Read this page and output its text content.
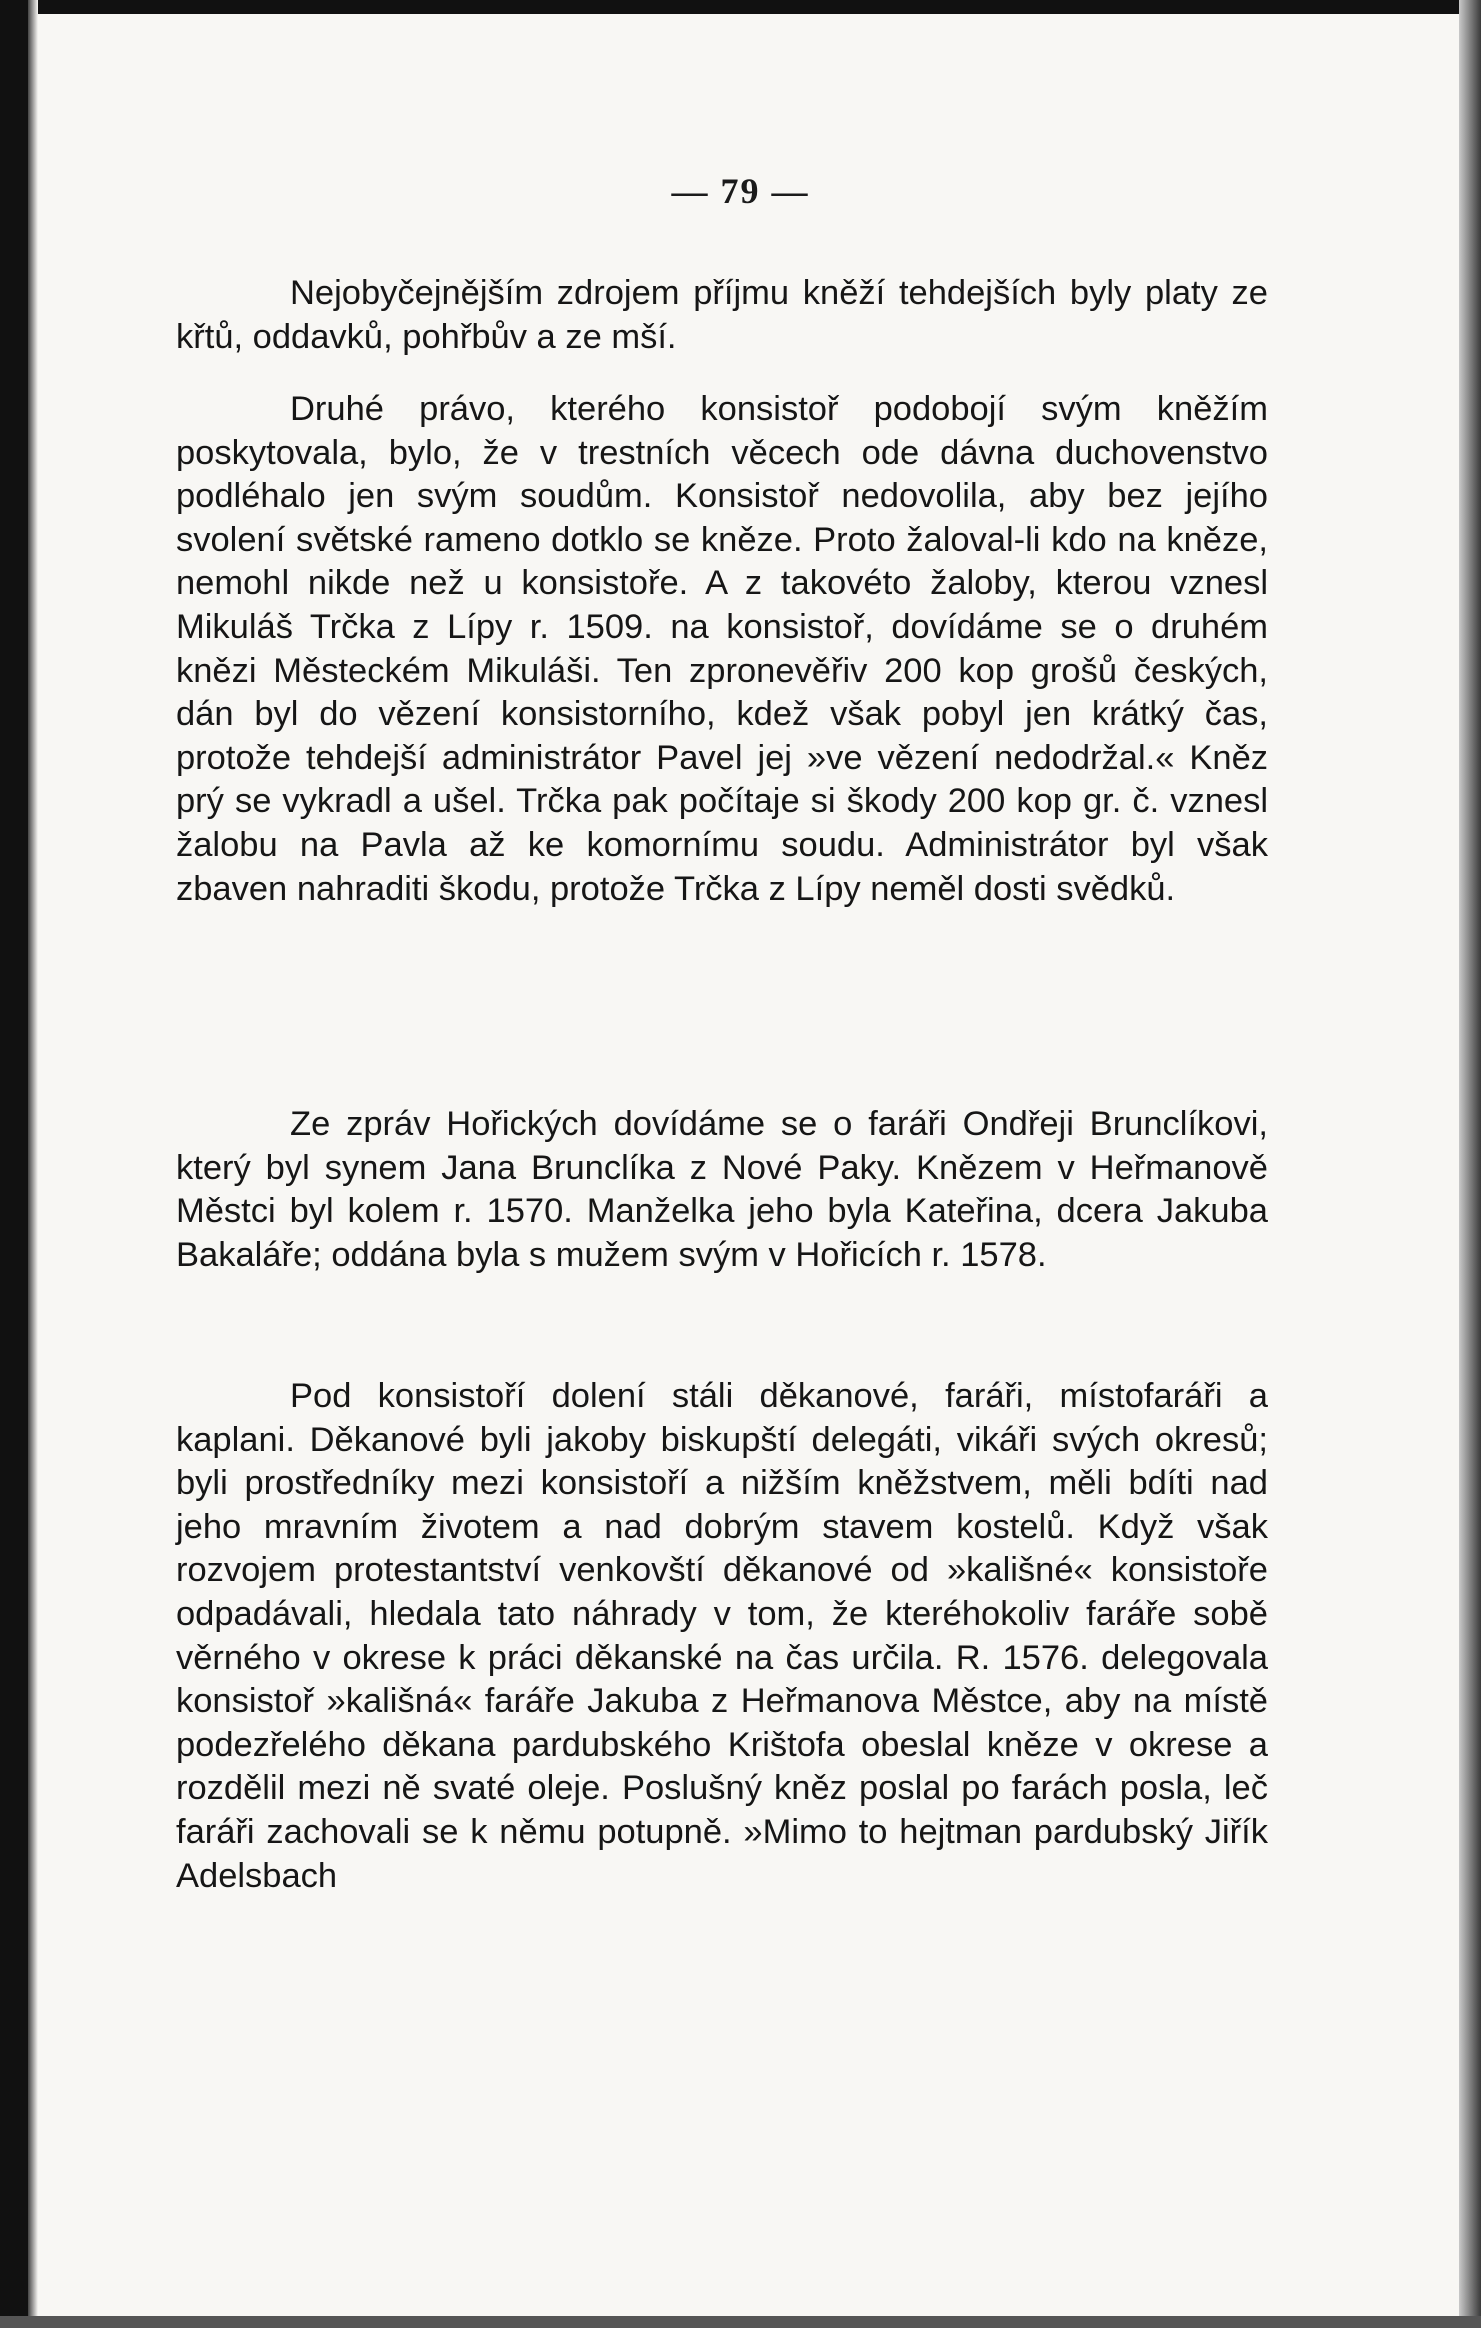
— 79 —

Nejobyčejnějším zdrojem příjmu kněží tehdejších byly platy ze křtů, oddavků, pohřbův a ze mší.

Druhé právo, kterého konsistoř podobojí svým kněžím poskytovala, bylo, že v trestních věcech ode dávna duchovenstvo podléhalo jen svým soudům. Konsistoř nedovolila, aby bez jejího svolení světské rameno dotklo se kněze. Proto žaloval-li kdo na kněze, nemohl nikde než u konsistoře. A z takovéto žaloby, kterou vznesl Mikuláš Trčka z Lípy r. 1509. na konsistoř, dovídáme se o druhém knězi Městeckém Mikuláši. Ten zpronevěřiv 200 kop grošů českých, dán byl do vězení konsistorního, kdež však pobyl jen krátký čas, protože tehdejší administrátor Pavel jej »ve vězení nedodržal.« Kněz prý se vykradl a ušel. Trčka pak počítaje si škody 200 kop gr. č. vznesl žalobu na Pavla až ke komornímu soudu. Administrátor byl však zbaven nahraditi škodu, protože Trčka z Lípy neměl dosti svědků.

Ze zpráv Hořických dovídáme se o faráři Ondřeji Brunclíkovi, který byl synem Jana Brunclíka z Nové Paky. Knězem v Heřmanově Městci byl kolem r. 1570. Manželka jeho byla Kateřina, dcera Jakuba Bakaláře; oddána byla s mužem svým v Hořicích r. 1578.

Pod konsistoří dolení stáli děkanové, faráři, místofaráři a kaplani. Děkanové byli jakoby biskupští delegáti, vikáři svých okresů; byli prostředníky mezi konsistoří a nižším kněžstvem, měli bdíti nad jeho mravním životem a nad dobrým stavem kostelů. Když však rozvojem protestantství venkovští děkanové od »kališné« konsistoře odpadávali, hledala tato náhrady v tom, že kteréhokoliv faráře sobě věrného v okrese k práci děkanské na čas určila. R. 1576. delegovala konsistoř »kališná« faráře Jakuba z Heřmanova Městce, aby na místě podezřelého děkana pardubského Krištofa obeslal kněze v okrese a rozdělil mezi ně svaté oleje. Poslušný kněz poslal po farách posla, leč faráři zachovali se k němu potupně. »Mimo to hejtman pardubský Jiřík Adelsbach
